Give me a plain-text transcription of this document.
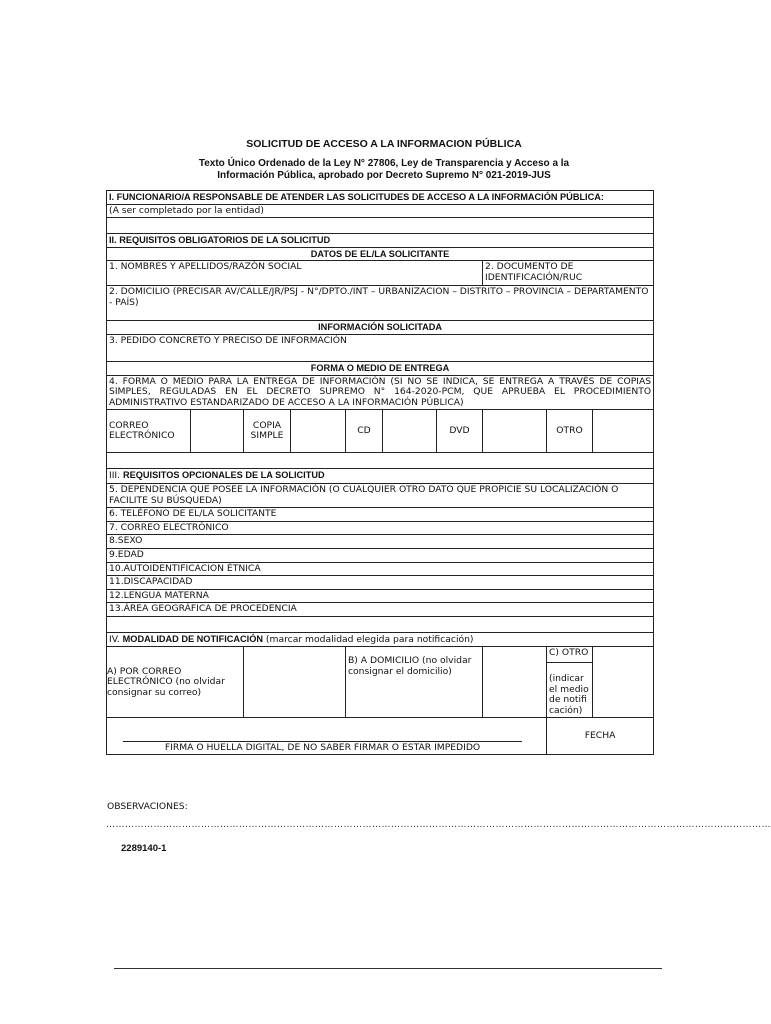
SOLICITUD DE ACCESO A LA INFORMACION PÚBLICA
Texto Único Ordenado de la Ley N° 27806, Ley de Transparencia y Acceso a la
Información Pública, aprobado por Decreto Supremo N° 021-2019-JUS
I. FUNCIONARIO/A RESPONSABLE DE ATENDER LAS SOLICITUDES DE ACCESO A LA INFORMACIÓN PÚBLICA:									
(A ser completado por la entidad)									

II. REQUISITOS OBLIGATORIOS DE LA SOLICITUD									
DATOS DE EL/LA SOLICITANTE									
1. NOMBRES Y APELLIDOS/RAZÓN SOCIAL							2. DOCUMENTO DE IDENTIFICACIÓN/RUC		
2. DOMICILIO (PRECISAR AV/CALLE/JR/PSJ - N°/DPTO./INT – URBANIZACION – DISTRITO – PROVINCIA – DEPARTAMENTO - PAÍS)									
INFORMACIÓN SOLICITADA									
3. PEDIDO CONCRETO Y PRECISO DE INFORMACIÓN									
FORMA O MEDIO DE ENTREGA									
4. FORMA O MEDIO PARA LA ENTREGA DE INFORMACIÓN (SI NO SE INDICA, SE ENTREGA A TRAVÉS DE COPIAS SIMPLES, REGULADAS EN EL DECRETO SUPREMO N° 164-2020-PCM, QUE APRUEBA EL PROCEDIMIENTO ADMINISTRATIVO ESTANDARIZADO DE ACCESO A LA INFORMACIÓN PÚBLICA)									
CORREO ELECTRÓNICO		COPIA SIMPLE		CD		DVD		OTRO	

III. REQUISITOS OPCIONALES DE LA SOLICITUD									
5. DEPENDENCIA QUE POSEE LA INFORMACIÓN (O CUALQUIER OTRO DATO QUE PROPICIE SU LOCALIZACIÓN O FACILITE SU BÚSQUEDA)									
6. TELÉFONO DE EL/LA SOLICITANTE									
7. CORREO ELECTRÓNICO									
8.SEXO									
9.EDAD									
10.AUTOIDENTIFICACION ÉTNICA									
11.DISCAPACIDAD									
12.LENGUA MATERNA									
13.ÁREA GEOGRÁFICA DE PROCEDENCIA									

IV. MODALIDAD DE NOTIFICACIÓN (marcar modalidad elegida para notificación)									
A) POR CORREO ELECTRÓNICO (no olvidar consignar su correo)				B) A DOMICILIO (no olvidar consignar el domicilio)				C) OTRO	
								(indicar el medio de notificación)	

FIRMA O HUELLA DIGITAL, DE NO SABER FIRMAR O ESTAR IMPEDIDO								FECHA	
OBSERVACIONES:
…………………………………………………………………………………………………………………………………………………………………………………………
2289140-1
